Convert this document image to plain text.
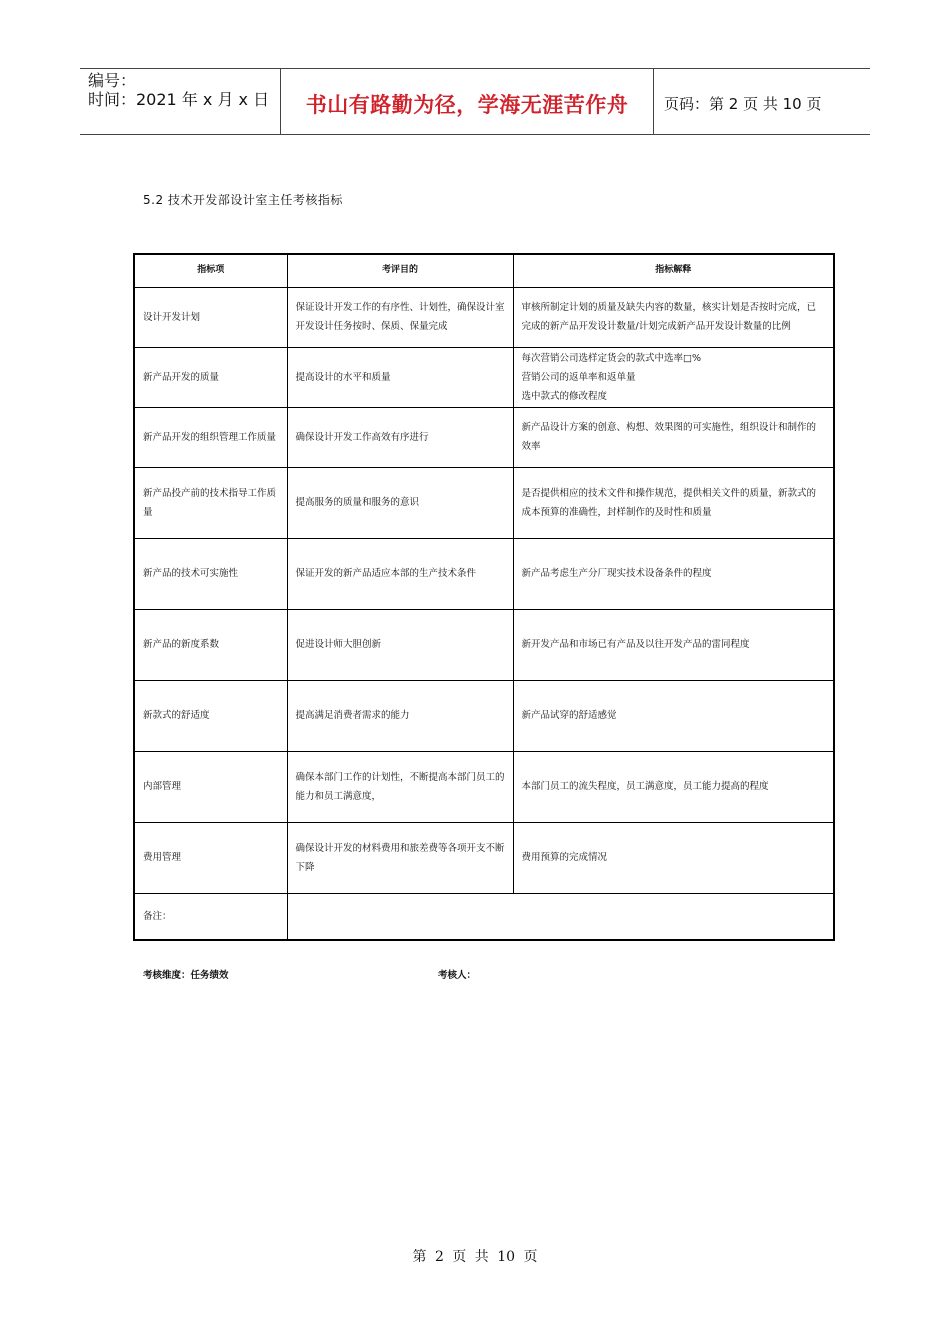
编号：
时间：2021 年 x 月 x 日	书山有路勤为径，学海无涯苦作舟	页码：第 2 页 共 10 页
5.2 技术开发部设计室主任考核指标
指标项	考评目的	指标解释
设计开发计划	保证设计开发工作的有序性、计划性，确保设计室开发设计任务按时、保质、保量完成	审核所制定计划的质量及缺失内容的数量，核实计划是否按时完成，已完成的新产品开发设计数量/计划完成新产品开发设计数量的比例

新产品开发的质量	提高设计的水平和质量	每次营销公司选样定货会的款式中选率□%
营销公司的返单率和返单量
选中款式的修改程度

新产品开发的组织管理工作质量	确保设计开发工作高效有序进行	新产品设计方案的创意、构想、效果图的可实施性，组织设计和制作的效率

新产品投产前的技术指导工作质量	提高服务的质量和服务的意识	是否提供相应的技术文件和操作规范，提供相关文件的质量，新款式的成本预算的准确性，封样制作的及时性和质量

新产品的技术可实施性	保证开发的新产品适应本部的生产技术条件	新产品考虑生产分厂现实技术设备条件的程度

新产品的新度系数	促进设计师大胆创新	新开发产品和市场已有产品及以往开发产品的雷同程度

新款式的舒适度	提高满足消费者需求的能力	新产品试穿的舒适感觉

内部管理	确保本部门工作的计划性，不断提高本部门员工的能力和员工满意度，	本部门员工的流失程度，员工满意度，员工能力提高的程度

费用管理	确保设计开发的材料费用和旅差费等各项开支不断下降	费用预算的完成情况

备注：		
考核维度：任务绩效	考核人：
第 2 页 共 10 页
